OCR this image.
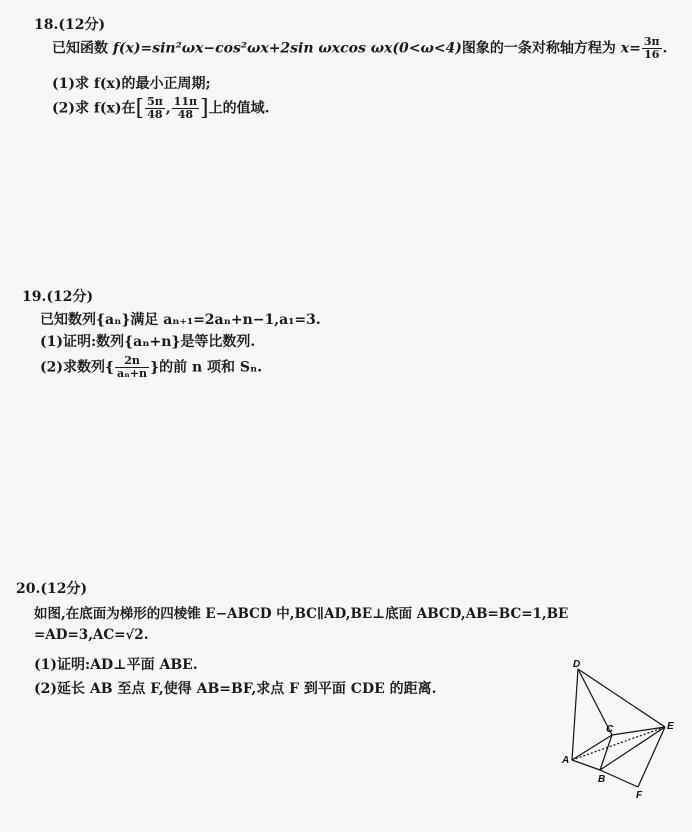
18.(12分)
已知函数 f(x)=sin²ωx−cos²ωx+2sin ωxcos ωx(0<ω<4)图象的一条对称轴方程为 $x= \frac{3\pi}{16}$ .
(1)求 f(x)的最小正周期;
(2)求 f(x)在[ $\frac{5\pi}{48}$ , $\frac{11\pi}{48}$ ]上的值域.
19.(12分)
已知数列{aₙ}满足 aₙ₊₁=2aₙ+n−1,a₁=3.
(1)证明:数列{aₙ+n}是等比数列.
(2)求数列{ $\frac{2n}{\text{aₙ+n}}$ }的前 n 项和 Sₙ.
20.(12分)
如图,在底面为梯形的四棱锥 E−ABCD 中,BC∥AD,BE⊥底面 ABCD,AB=BC=1,BE
=AD=3,AC=√2.
(1)证明:AD⊥平面 ABE.
(2)延长 AB 至点 F,使得 AB=BF,求点 F 到平面 CDE 的距离.
D
A
B
C	E
F
